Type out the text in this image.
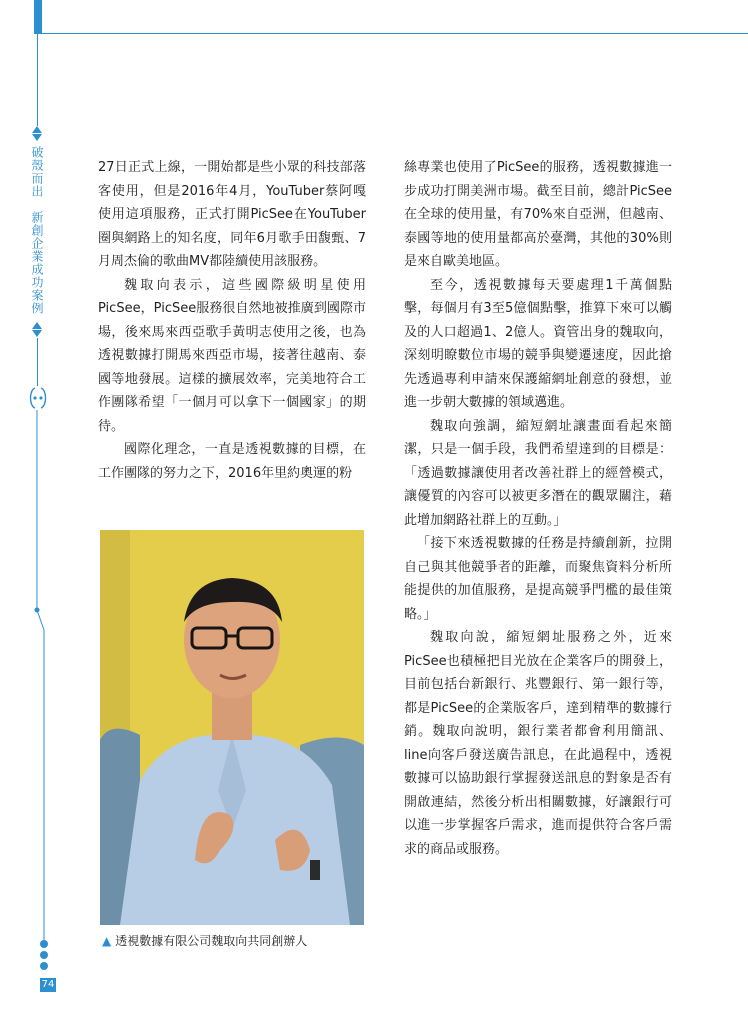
破殼而出　新創企業成功案例
74

27日正式上線，一開始都是些小眾的科技部落客使用，但是2016年4月，YouTuber蔡阿嘎使用這項服務，正式打開PicSee在YouTuber圈與網路上的知名度，同年6月歌手田馥甄、7月周杰倫的歌曲MV都陸續使用該服務。

魏取向表示，這些國際級明星使用PicSee，PicSee服務很自然地被推廣到國際市場，後來馬來西亞歌手黃明志使用之後，也為透視數據打開馬來西亞市場，接著往越南、泰國等地發展。這樣的擴展效率，完美地符合工作團隊希望「一個月可以拿下一個國家」的期待。

國際化理念，一直是透視數據的目標，在工作團隊的努力之下，2016年里約奧運的粉

▲ 透視數據有限公司魏取向共同創辦人

絲專業也使用了PicSee的服務，透視數據進一步成功打開美洲市場。截至目前，總計PicSee在全球的使用量，有70%來自亞洲，但越南、泰國等地的使用量都高於臺灣，其他的30%則是來自歐美地區。

至今，透視數據每天要處理1千萬個點擊，每個月有3至5億個點擊，推算下來可以觸及的人口超過1、2億人。資管出身的魏取向，深刻明瞭數位市場的競爭與變遷速度，因此搶先透過專利申請來保護縮網址創意的發想，並進一步朝大數據的領域邁進。

魏取向強調，縮短網址讓畫面看起來簡潔，只是一個手段，我們希望達到的目標是：「透過數據讓使用者改善社群上的經營模式，讓優質的內容可以被更多潛在的觀眾關注，藉此增加網路社群上的互動。」

「接下來透視數據的任務是持續創新，拉開自己與其他競爭者的距離，而聚焦資料分析所能提供的加值服務，是提高競爭門檻的最佳策略。」

魏取向說，縮短網址服務之外，近來PicSee也積極把目光放在企業客戶的開發上，目前包括台新銀行、兆豐銀行、第一銀行等，都是PicSee的企業版客戶，達到精準的數據行銷。魏取向說明，銀行業者都會利用簡訊、line向客戶發送廣告訊息，在此過程中，透視數據可以協助銀行掌握發送訊息的對象是否有開啟連結，然後分析出相關數據，好讓銀行可以進一步掌握客戶需求，進而提供符合客戶需求的商品或服務。
